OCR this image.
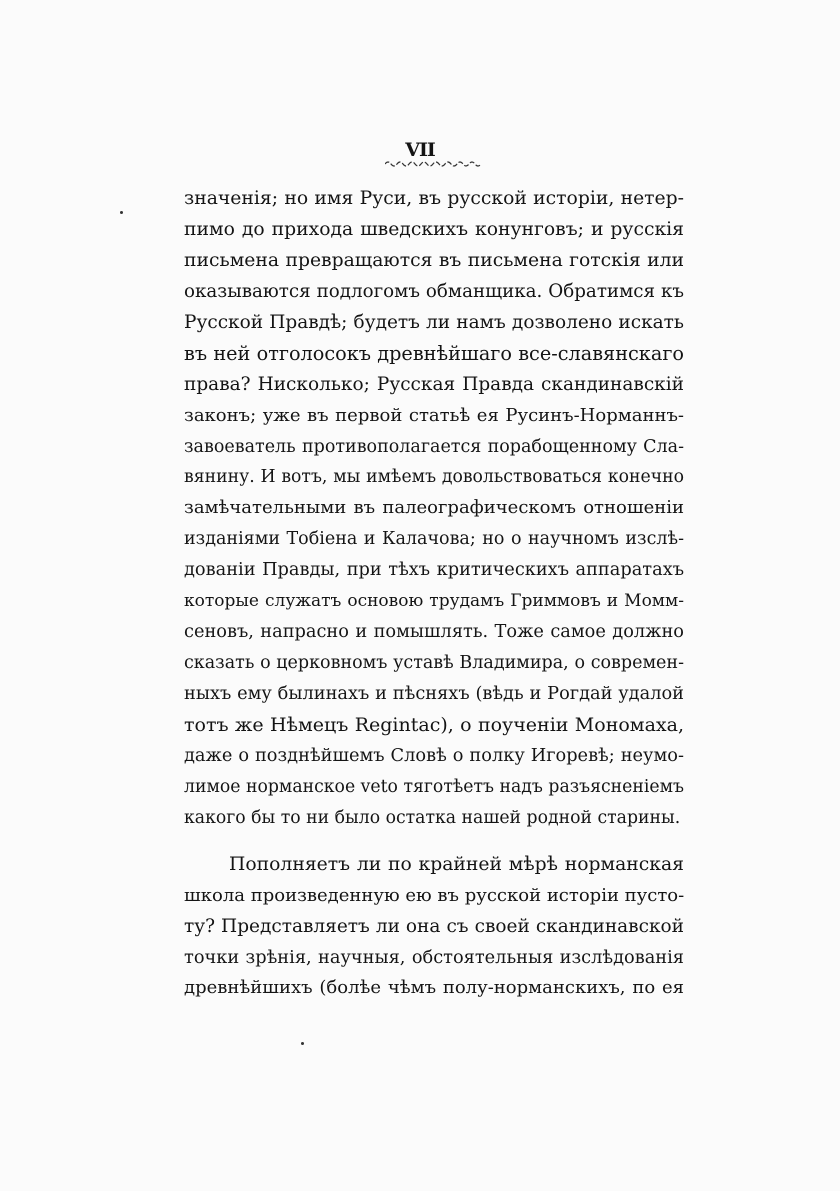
VII
значенія; но имя Руси, въ русской исторіи, нетер-
пимо до прихода шведскихъ конунговъ; и русскія
письмена превращаются въ письмена готскія или
оказываются подлогомъ обманщика. Обратимся къ
Русской Правдѣ; будетъ ли намъ дозволено искать
въ ней отголосокъ древнѣйшаго все-славянскаго
права? Нисколько; Русская Правда скандинавскій
законъ; уже въ первой статьѣ ея Русинъ-Норманнъ-
завоеватель противополагается порабощенному Сла-
вянину. И вотъ, мы имѣемъ довольствоваться конечно
замѣчательными въ палеографическомъ отношеніи
изданіями Тобіена и Калачова; но о научномъ изслѣ-
дованіи Правды, при тѣхъ критическихъ аппаратахъ
которые служатъ основою трудамъ Гриммовъ и Момм-
сеновъ, напрасно и помышлять. Тоже самое должно
сказать о церковномъ уставѣ Владимира, о современ-
ныхъ ему былинахъ и пѣсняхъ (вѣдь и Рогдай удалой
тотъ же Нѣмецъ Regintac), о поученіи Мономаха,
даже о позднѣйшемъ Словѣ о полку Игоревѣ; неумо-
лимое норманское veto тяготѣетъ надъ разъясненіемъ
какого бы то ни было остатка нашей родной старины.
Пополняетъ ли по крайней мѣрѣ норманская
школа произведенную ею въ русской исторіи пусто-
ту? Представляетъ ли она съ своей скандинавской
точки зрѣнія, научныя, обстоятельныя изслѣдованія
древнѣйшихъ (болѣе чѣмъ полу-норманскихъ, по ея
